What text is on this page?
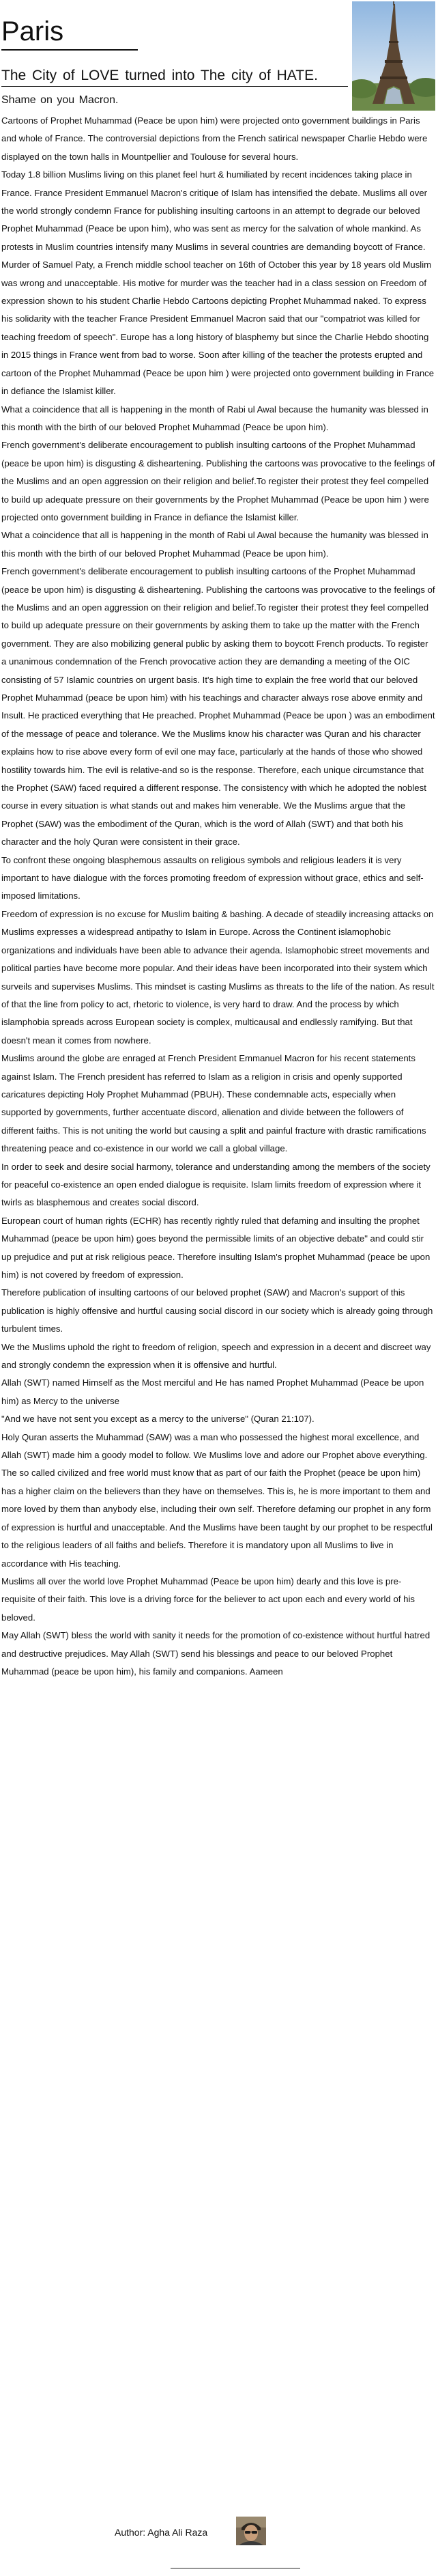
Paris
The City of LOVE turned into The city of HATE.
Shame on you Macron.

Cartoons of Prophet Muhammad (Peace be upon him) were projected onto government buildings in Paris and whole of France. The controversial depictions from the French satirical newspaper Charlie Hebdo were displayed on the town halls in Mountpellier and Toulouse for several hours.

Today 1.8 billion Muslims living on this planet feel hurt & humiliated by recent incidences taking place in France. France President Emmanuel Macron's critique of Islam has intensified the debate. Muslims all over the world strongly condemn France for publishing insulting cartoons in an attempt to degrade our beloved Prophet Muhammad (Peace be upon him), who was sent as mercy for the salvation of whole mankind. As protests in Muslim countries intensify many Muslims in several countries are demanding boycott of France.

Murder of Samuel Paty, a French middle school teacher on 16th of October this year by 18 years old Muslim was wrong and unacceptable. His motive for murder was the teacher had in a class session on Freedom of expression shown to his student Charlie Hebdo Cartoons depicting Prophet Muhammad naked. To express his solidarity with the teacher France President Emmanuel Macron said that our "compatriot was killed for teaching freedom of speech". Europe has a long history of blasphemy but since the Charlie Hebdo shooting in 2015 things in France went from bad to worse. Soon after killing of the teacher the protests erupted and cartoon of the Prophet Muhammad (Peace be upon him ) were projected onto government building in France in defiance the Islamist killer.

What a coincidence that all is happening in the month of Rabi ul Awal because the humanity was blessed in this month with the birth of our beloved Prophet Muhammad (Peace be upon him).

French government's deliberate encouragement to publish insulting cartoons of the Prophet Muhammad (peace be upon him) is disgusting & disheartening. Publishing the cartoons was provocative to the feelings of the Muslims and an open aggression on their religion and belief.To register their protest they feel compelled to build up adequate pressure on their governments by the Prophet Muhammad (Peace be upon him ) were projected onto government building in France in defiance the Islamist killer.

What a coincidence that all is happening in the month of Rabi ul Awal because the humanity was blessed in this month with the birth of our beloved Prophet Muhammad (Peace be upon him).

French government's deliberate encouragement to publish insulting cartoons of the Prophet Muhammad (peace be upon him) is disgusting & disheartening. Publishing the cartoons was provocative to the feelings of the Muslims and an open aggression on their religion and belief.To register their protest they feel compelled to build up adequate pressure on their governments by asking them to take up the matter with the French government. They are also mobilizing general public by asking them to boycott French products. To register a unanimous condemnation of the French provocative action they are demanding a meeting of the OIC consisting of 57 Islamic countries on urgent basis. It's high time to explain the free world that our beloved Prophet Muhammad (peace be upon him) with his teachings and character always rose above enmity and Insult. He practiced everything that He preached. Prophet Muhammad (Peace be upon ) was an embodiment of the message of peace and tolerance. We the Muslims know his character was Quran and his character explains how to rise above every form of evil one may face, particularly at the hands of those who showed hostility towards him. The evil is relative-and so is the response. Therefore, each unique circumstance that the Prophet (SAW) faced required a different response. The consistency with which he adopted the noblest course in every situation is what stands out and makes him venerable. We the Muslims argue that the Prophet (SAW) was the embodiment of the Quran, which is the word of Allah (SWT) and that both his character and the holy Quran were consistent in their grace.

To confront these ongoing blasphemous assaults on religious symbols and religious leaders it is very important to have dialogue with the forces promoting freedom of expression without grace, ethics and self-imposed limitations.

Freedom of expression is no excuse for Muslim baiting & bashing. A decade of steadily increasing attacks on Muslims expresses a widespread antipathy to Islam in Europe. Across the Continent islamophobic organizations and individuals have been able to advance their agenda. Islamophobic street movements and political parties have become more popular. And their ideas have been incorporated into their system which surveils and supervises Muslims. This mindset is casting Muslims as threats to the life of the nation. As result of that the line from policy to act, rhetoric to violence, is very hard to draw. And the process by which islamphobia spreads across European society is complex, multicausal and endlessly ramifying. But that doesn't mean it comes from nowhere.

Muslims around the globe are enraged at French President Emmanuel Macron for his recent statements against Islam. The French president has referred to Islam as a religion in crisis and openly supported caricatures depicting Holy Prophet Muhammad (PBUH). These condemnable acts, especially when supported by governments, further accentuate discord, alienation and divide between the followers of different faiths. This is not uniting the world but causing a split and painful fracture with drastic ramifications threatening peace and co-existence in our world we call a global village.

In order to seek and desire social harmony, tolerance and understanding among the members of the society for peaceful co-existence an open ended dialogue is requisite. Islam limits freedom of expression where it twirls as blasphemous and creates social discord.

European court of human rights (ECHR) has recently rightly ruled that defaming and insulting the prophet Muhammad (peace be upon him) goes beyond the permissible limits of an objective debate" and could stir up prejudice and put at risk religious peace. Therefore insulting Islam's prophet Muhammad (peace be upon him) is not covered by freedom of expression.

Therefore publication of insulting cartoons of our beloved prophet (SAW) and Macron's support of this publication is highly offensive and hurtful causing social discord in our society which is already going through turbulent times.

We the Muslims uphold the right to freedom of religion, speech and expression in a decent and discreet way and strongly condemn the expression when it is offensive and hurtful.

Allah (SWT) named Himself as the Most merciful and He has named Prophet Muhammad (Peace be upon him) as Mercy to the universe

"And we have not sent you except as a mercy to the universe" (Quran 21:107).

Holy Quran asserts the Muhammad (SAW) was a man who possessed the highest moral excellence, and Allah (SWT) made him a goody model to follow. We Muslims love and adore our Prophet above everything.

The so called civilized and free world must know that as part of our faith the Prophet (peace be upon him) has a higher claim on the believers than they have on themselves. This is, he is more important to them and more loved by them than anybody else, including their own self. Therefore defaming our prophet in any form of expression is hurtful and unacceptable. And the Muslims have been taught by our prophet to be respectful to the religious leaders of all faiths and beliefs. Therefore it is mandatory upon all Muslims to live in accordance with His teaching.

Muslims all over the world love Prophet Muhammad (Peace be upon him) dearly and this love is pre-requisite of their faith. This love is a driving force for the believer to act upon each and every world of his beloved.

May Allah (SWT) bless the world with sanity it needs for the promotion of co-existence without hurtful hatred and destructive prejudices. May Allah (SWT) send his blessings and peace to our beloved Prophet Muhammad (peace be upon him), his family and companions. Aameen

Author: Agha Ali Raza
